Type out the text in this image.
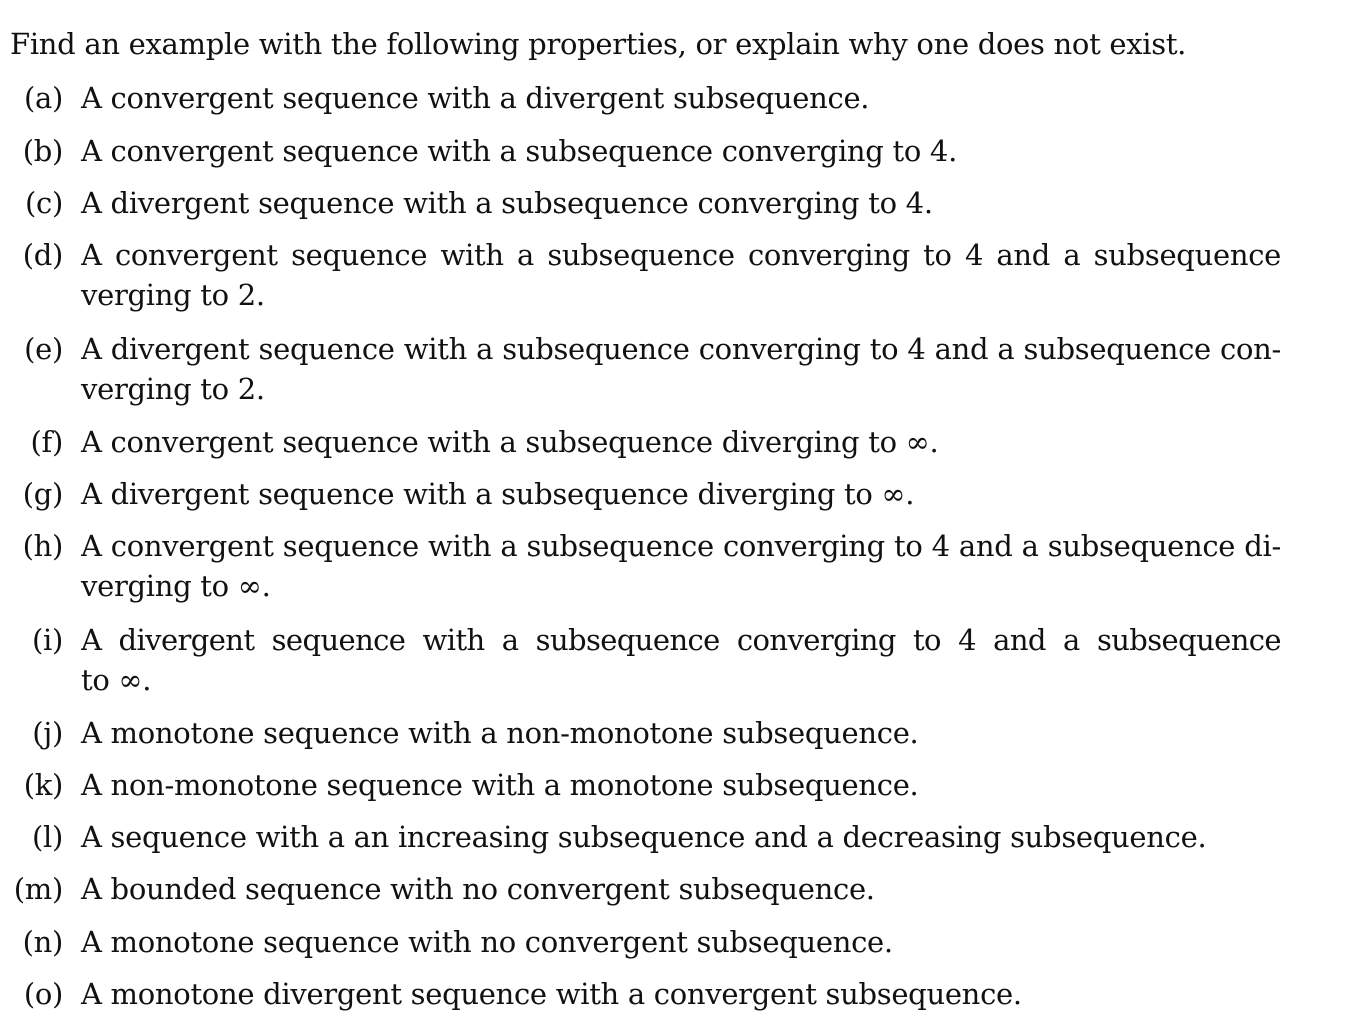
Find an example with the following properties, or explain why one does not exist.
(a) A convergent sequence with a divergent subsequence.
(b) A convergent sequence with a subsequence converging to 4.
(c) A divergent sequence with a subsequence converging to 4.
(d) A convergent sequence with a subsequence converging to 4 and a subsequence
verging to 2.
(e) A divergent sequence with a subsequence converging to 4 and a subsequence con-
verging to 2.
(f) A convergent sequence with a subsequence diverging to ∞.
(g) A divergent sequence with a subsequence diverging to ∞.
(h) A convergent sequence with a subsequence converging to 4 and a subsequence di-
verging to ∞.
(i) A divergent sequence with a subsequence converging to 4 and a subsequence
to ∞.
(j) A monotone sequence with a non-monotone subsequence.
(k) A non-monotone sequence with a monotone subsequence.
(l) A sequence with a an increasing subsequence and a decreasing subsequence.
(m) A bounded sequence with no convergent subsequence.
(n) A monotone sequence with no convergent subsequence.
(o) A monotone divergent sequence with a convergent subsequence.
